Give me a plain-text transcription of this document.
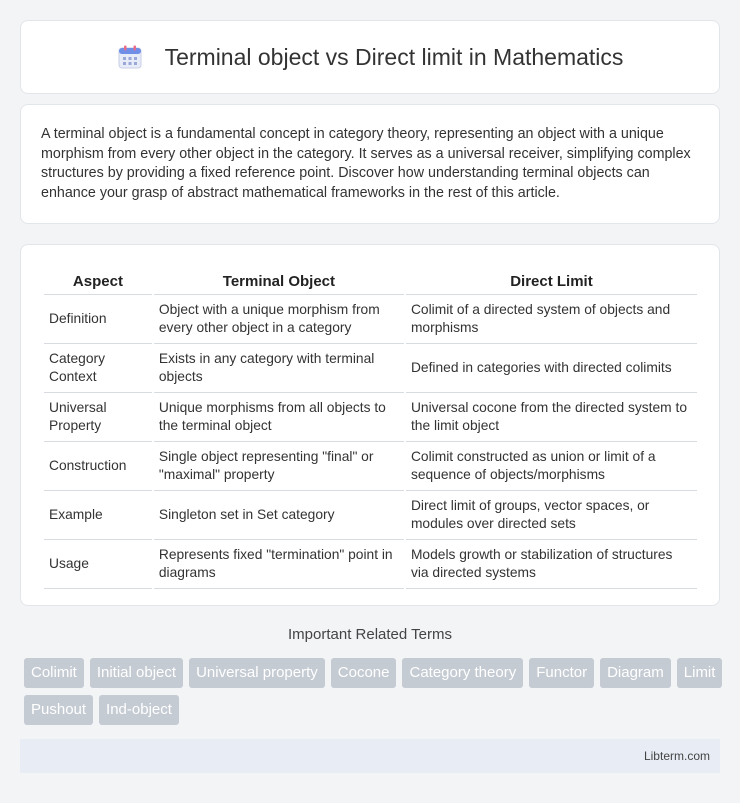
Terminal object vs Direct limit in Mathematics

A terminal object is a fundamental concept in category theory, representing an object with a unique morphism from every other object in the category. It serves as a universal receiver, simplifying complex structures by providing a fixed reference point. Discover how understanding terminal objects can enhance your grasp of abstract mathematical frameworks in the rest of this article.

Aspect	Terminal Object	Direct Limit
Definition	Object with a unique morphism from every other object in a category	Colimit of a directed system of objects and morphisms
Category Context	Exists in any category with terminal objects	Defined in categories with directed colimits
Universal Property	Unique morphisms from all objects to the terminal object	Universal cocone from the directed system to the limit object
Construction	Single object representing "final" or "maximal" property	Colimit constructed as union or limit of a sequence of objects/morphisms
Example	Singleton set in Set category	Direct limit of groups, vector spaces, or modules over directed sets
Usage	Represents fixed "termination" point in diagrams	Models growth or stabilization of structures via directed systems
Important Related Terms
Colimit	Initial object	Universal property	Cocone	Category theory	Functor	Diagram	Limit
Pushout	Ind-object
Libterm.com
